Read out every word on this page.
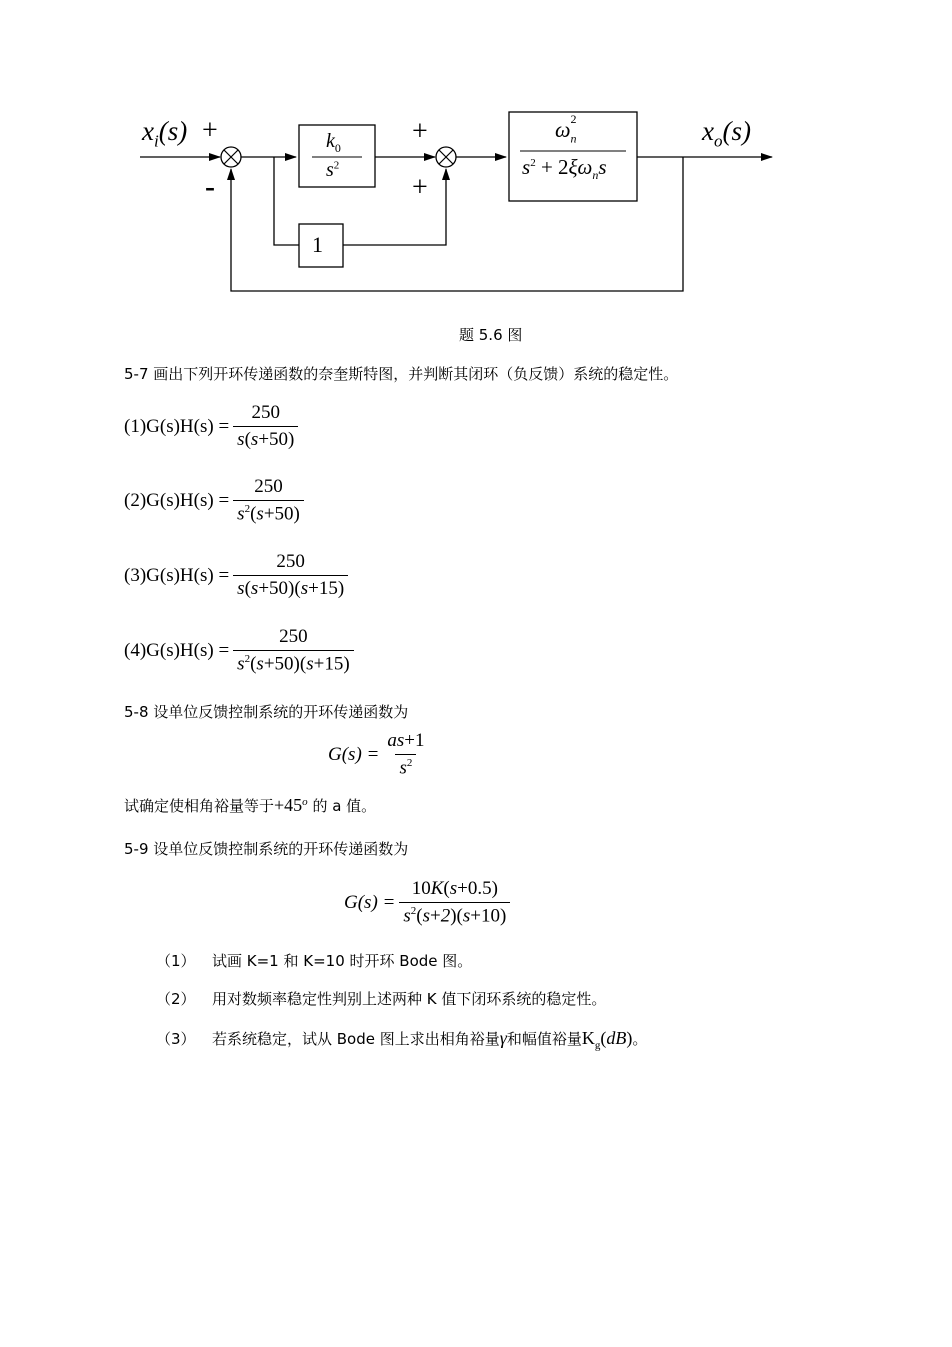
$x_i(s)$ +
-
+
+
$k_0$
$s^2$
$\omega_n^2$
$s^2 + 2\xi\omega_ns$
1
$x_o(s)$
题 5.6 图
5-7 画出下列开环传递函数的奈奎斯特图，并判断其闭环（负反馈）系统的稳定性。
$(1)G(s)H(s) = \frac{250}{s(s+50)}$
$(2)G(s)H(s) = \frac{250}{s^2(s+50)}$
$(3)G(s)H(s) = \frac{250}{s(s+50)(s+15)}$
$(4)G(s)H(s) = \frac{250}{s^2(s+50)(s+15)}$
5-8 设单位反馈控制系统的开环传递函数为
$G(s) = \frac{as+1}{s^2}$
试确定使相角裕量等于$+45^o$ 的 a 值。
5-9 设单位反馈控制系统的开环传递函数为
$G(s) = \frac{10K(s+0.5)}{s^2(s+2)(s+10)}$
（1） 试画 K=1 和 K=10 时开环 Bode 图。
（2） 用对数频率稳定性判别上述两种 K 值下闭环系统的稳定性。
（3） 若系统稳定，试从 Bode 图上求出相角裕量γ和幅值裕量$K_g(dB)$。
